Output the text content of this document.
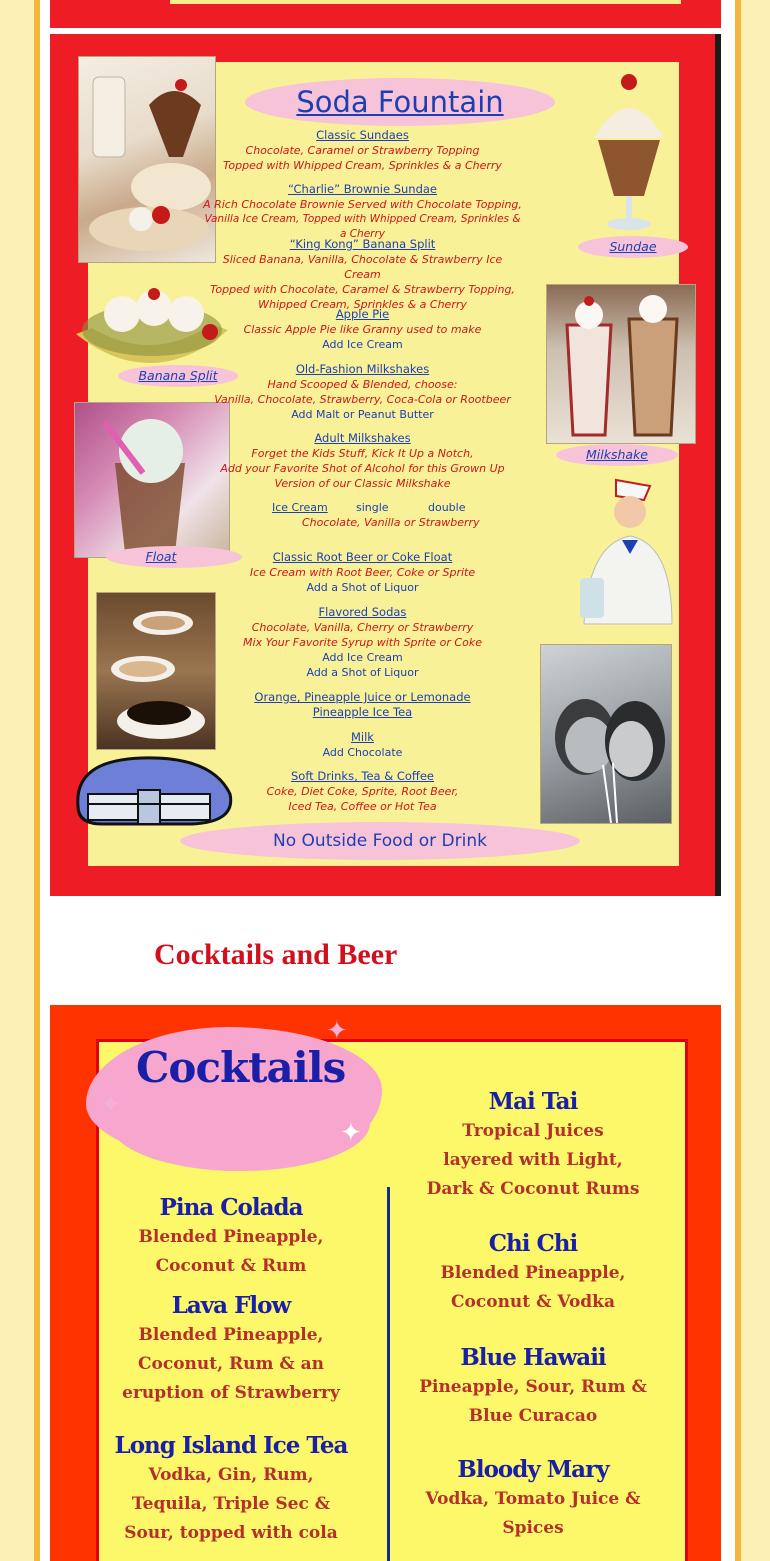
Soda Fountain
Sundae
Banana Split
Milkshake
Float
Classic Sundaes
Chocolate, Caramel or Strawberry Topping
Topped with Whipped Cream, Sprinkles & a Cherry
“Charlie” Brownie Sundae
A Rich Chocolate Brownie Served with Chocolate Topping,
Vanilla Ice Cream, Topped with Whipped Cream, Sprinkles & a Cherry
“King Kong” Banana Split
Sliced Banana, Vanilla, Chocolate & Strawberry Ice Cream
Topped with Chocolate, Caramel & Strawberry Topping,
Whipped Cream, Sprinkles & a Cherry
Apple Pie
Classic Apple Pie like Granny used to make
Add Ice Cream
Old-Fashion Milkshakes
Hand Scooped & Blended, choose:
Vanilla, Chocolate, Strawberry, Coca-Cola or Rootbeer
Add Malt or Peanut Butter
Adult Milkshakes
Forget the Kids Stuff, Kick It Up a Notch,
Add your Favorite Shot of Alcohol for this Grown Up
Version of our Classic Milkshake
Ice Cream	single	double
Chocolate, Vanilla or Strawberry
Classic Root Beer or Coke Float
Ice Cream with Root Beer, Coke or Sprite
Add a Shot of Liquor
Flavored Sodas
Chocolate, Vanilla, Cherry or Strawberry
Mix Your Favorite Syrup with Sprite or Coke
Add Ice Cream
Add a Shot of Liquor
Orange, Pineapple Juice or Lemonade
Pineapple Ice Tea
Milk
Add Chocolate
Soft Drinks, Tea & Coffee
Coke, Diet Coke, Sprite, Root Beer,
Iced Tea, Coffee or Hot Tea
No Outside Food or Drink
Cocktails and Beer
✦
✦
✦
Cocktails
Pina Colada
Blended Pineapple,
Coconut & Rum
Lava Flow
Blended Pineapple,
Coconut, Rum & an
eruption of Strawberry
Long Island Ice Tea
Vodka, Gin, Rum,
Tequila, Triple Sec &
Sour, topped with cola
Mai Tai
Tropical Juices
layered with Light,
Dark & Coconut Rums
Chi Chi
Blended Pineapple,
Coconut & Vodka
Blue Hawaii
Pineapple, Sour, Rum &
Blue Curacao
Bloody Mary
Vodka, Tomato Juice &
Spices
